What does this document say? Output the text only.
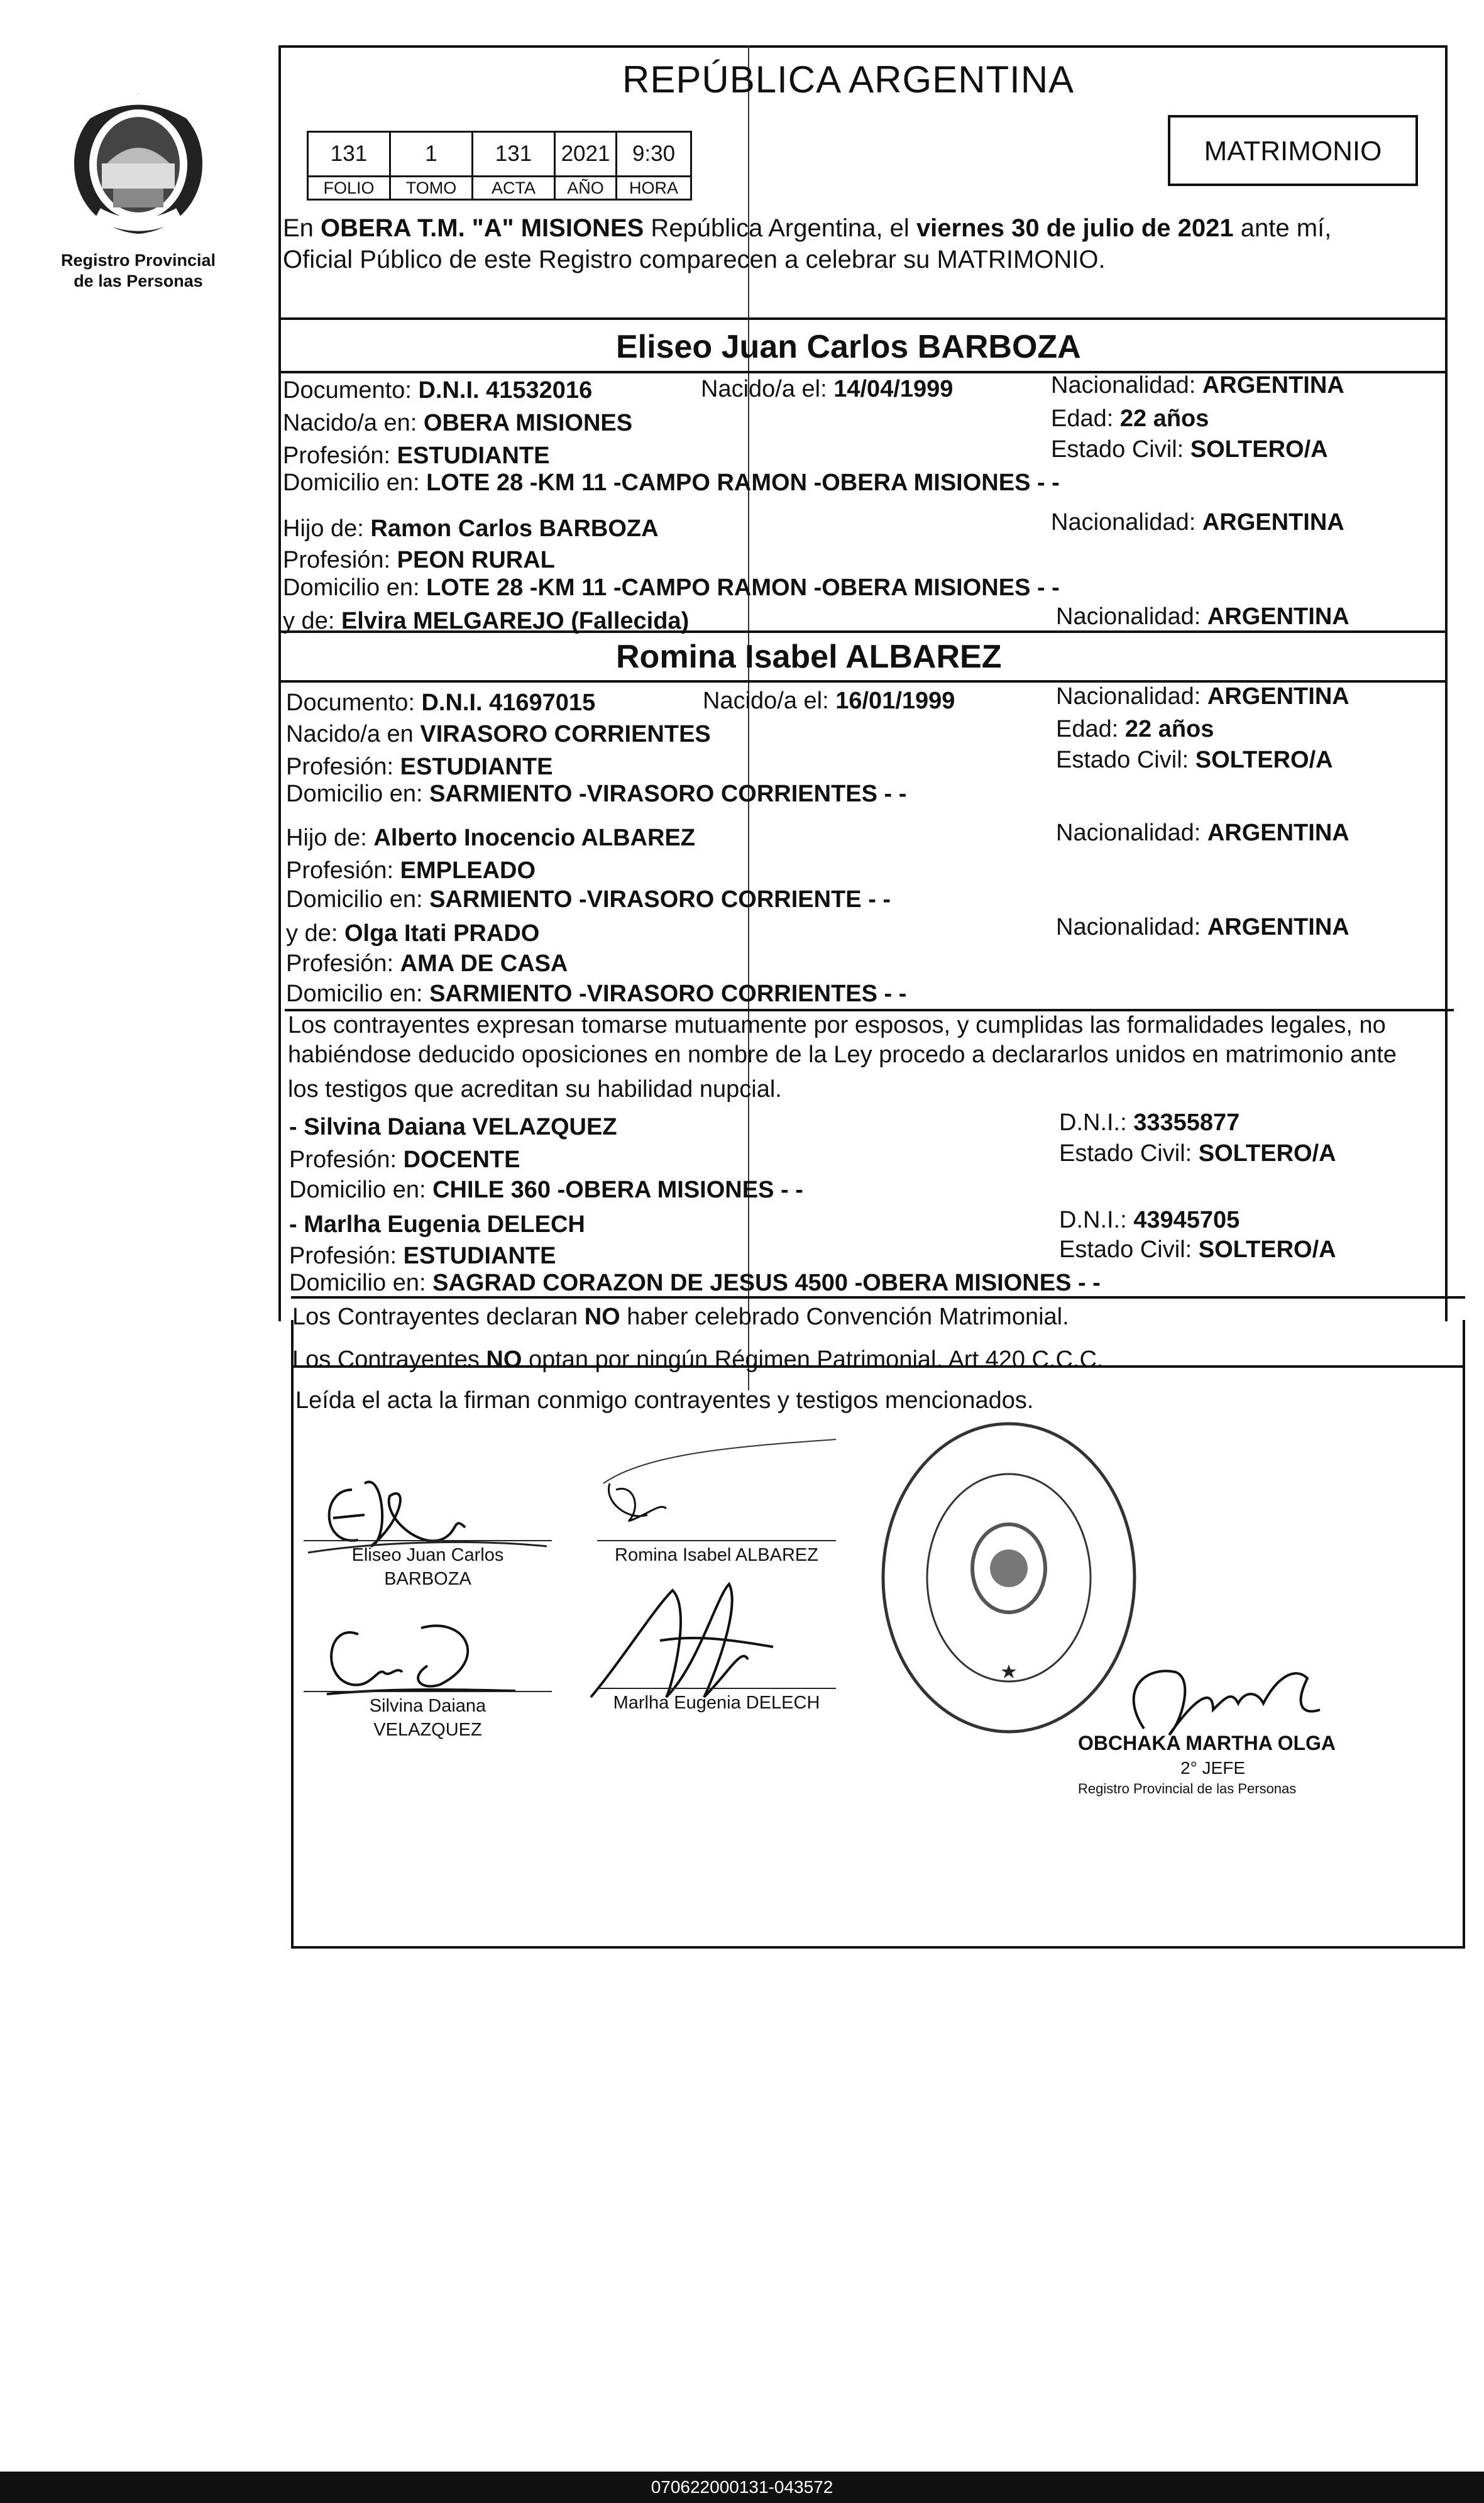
Registro Provincial
de las Personas
REPÚBLICA ARGENTINA
131	1	131	2021	9:30
FOLIO	TOMO	ACTA	AÑO	HORA
MATRIMONIO
En OBERA T.M. "A" MISIONES República Argentina, el viernes 30 de julio de 2021 ante mí,
Oficial Público de este Registro comparecen a celebrar su MATRIMONIO.
Eliseo Juan Carlos BARBOZA
Documento: D.N.I. 41532016	Nacido/a el: 14/04/1999	Nacionalidad: ARGENTINA
Nacido/a en: OBERA MISIONES	Edad: 22 años
Profesión: ESTUDIANTE	Estado Civil: SOLTERO/A
Domicilio en: LOTE 28 -KM 11 -CAMPO RAMON -OBERA MISIONES - -
Hijo de: Ramon Carlos BARBOZA	Nacionalidad: ARGENTINA
Profesión: PEON RURAL
Domicilio en: LOTE 28 -KM 11 -CAMPO RAMON -OBERA MISIONES - -
y de: Elvira MELGAREJO (Fallecida)	Nacionalidad: ARGENTINA
Romina Isabel ALBAREZ
Documento: D.N.I. 41697015	Nacido/a el: 16/01/1999	Nacionalidad: ARGENTINA
Nacido/a en VIRASORO CORRIENTES	Edad: 22 años
Profesión: ESTUDIANTE	Estado Civil: SOLTERO/A
Domicilio en: SARMIENTO -VIRASORO CORRIENTES - -
Hijo de: Alberto Inocencio ALBAREZ	Nacionalidad: ARGENTINA
Profesión: EMPLEADO
Domicilio en: SARMIENTO -VIRASORO CORRIENTE - -
y de: Olga Itati PRADO	Nacionalidad: ARGENTINA
Profesión: AMA DE CASA
Domicilio en: SARMIENTO -VIRASORO CORRIENTES - -
Los contrayentes expresan tomarse mutuamente por esposos, y cumplidas las formalidades legales, no
habiéndose deducido oposiciones en nombre de la Ley procedo a declararlos unidos en matrimonio ante
los testigos que acreditan su habilidad nupcial.
- Silvina Daiana VELAZQUEZ	D.N.I.: 33355877
Profesión: DOCENTE	Estado Civil: SOLTERO/A
Domicilio en: CHILE 360 -OBERA MISIONES - -
- Marlha Eugenia DELECH	D.N.I.: 43945705
Profesión: ESTUDIANTE	Estado Civil: SOLTERO/A
Domicilio en: SAGRAD CORAZON DE JESUS 4500 -OBERA MISIONES - -
Los Contrayentes declaran NO haber celebrado Convención Matrimonial.
Los Contrayentes NO optan por ningún Régimen Patrimonial. Art 420 C.C.C.
Leída el acta la firman conmigo contrayentes y testigos mencionados.
Eliseo Juan Carlos
BARBOZA
Romina Isabel ALBAREZ
Silvina Daiana
VELAZQUEZ
Marlha Eugenia DELECH
OBCHAKA MARTHA OLGA
2° JEFE
Registro Provincial de las Personas
070622000131-043572
